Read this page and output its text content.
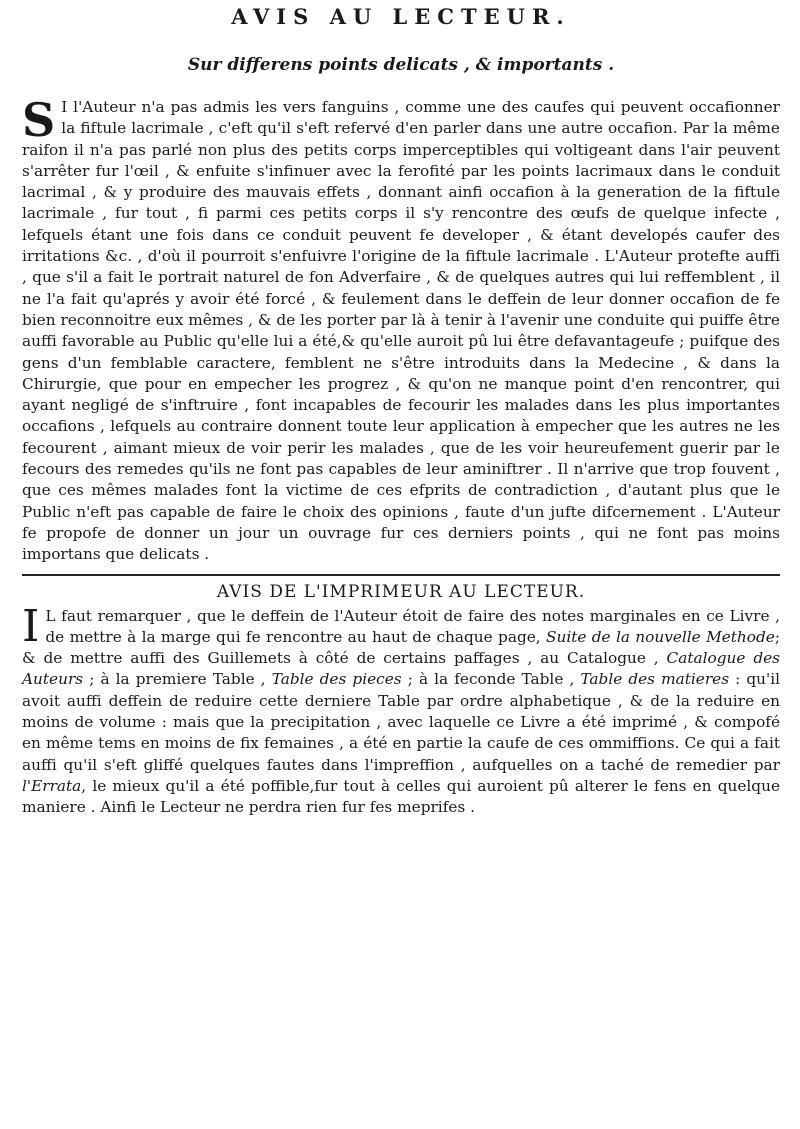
AVIS AU LECTEUR.
Sur differens points delicats , & importants .

S I l'Auteur n'a pas admis les vers fanguins , comme une des caufes qui peuvent occafionner la fiftule lacrimale , c'eft qu'il s'eft refervé d'en parler dans une autre occafion. Par la même raifon il n'a pas parlé non plus des petits corps imperceptibles qui voltigeant dans l'air peuvent s'arrêter fur l'œil , & enfuite s'infinuer avec la ferofité par les points lacrimaux dans le conduit lacrimal , & y produire des mauvais effets , donnant ainfi occafion à la generation de la fiftule lacrimale , fur tout , fi parmi ces petits corps il s'y rencontre des œufs de quelque infecte , lefquels étant une fois dans ce conduit peuvent fe developer , & étant developés caufer des irritations &c. , d'où il pourroit s'enfuivre l'origine de la fiftule lacrimale . L'Auteur protefte auffi , que s'il a fait le portrait naturel de fon Adverfaire , & de quelques autres qui lui reffemblent , il ne l'a fait qu'aprés y avoir été forcé , & feulement dans le deffein de leur donner occafion de fe bien reconnoitre eux mêmes , & de les porter par là à tenir à l'avenir une conduite qui puiffe être auffi favorable au Public qu'elle lui a été,& qu'elle auroit pû lui être defavantageufe ; puifque des gens d'un femblable caractere, femblent ne s'être introduits dans la Medecine , & dans la Chirurgie, que pour en empecher les progrez , & qu'on ne manque point d'en rencontrer, qui ayant negligé de s'inftruire , font incapables de fecourir les malades dans les plus importantes occafions , lefquels au contraire donnent toute leur application à empecher que les autres ne les fecourent , aimant mieux de voir perir les malades , que de les voir heureufement guerir par le fecours des remedes qu'ils ne font pas capables de leur aminiftrer . Il n'arrive que trop fouvent , que ces mêmes malades font la victime de ces efprits de contradiction , d'autant plus que le Public n'eft pas capable de faire le choix des opinions , faute d'un jufte difcernement . L'Auteur fe propofe de donner un jour un ouvrage fur ces derniers points , qui ne font pas moins importans que delicats .

AVIS DE L'IMPRIMEUR AU LECTEUR.

I L faut remarquer , que le deffein de l'Auteur étoit de faire des notes marginales en ce Livre , de mettre à la marge qui fe rencontre au haut de chaque page, Suite de la nouvelle Methode; & de mettre auffi des Guillemets à côté de certains paffages , au Catalogue , Catalogue des Auteurs ; à la premiere Table , Table des pieces ; à la feconde Table , Table des matieres : qu'il avoit auffi deffein de reduire cette derniere Table par ordre alphabetique , & de la reduire en moins de volume : mais que la precipitation , avec laquelle ce Livre a été imprimé , & compofé en même tems en moins de fix femaines , a été en partie la caufe de ces ommiffions. Ce qui a fait auffi qu'il s'eft gliffé quelques fautes dans l'impreffion , aufquelles on a taché de remedier par l'Errata, le mieux qu'il a été poffible,fur tout à celles qui auroient pû alterer le fens en quelque maniere . Ainfi le Lecteur ne perdra rien fur fes meprifes .
